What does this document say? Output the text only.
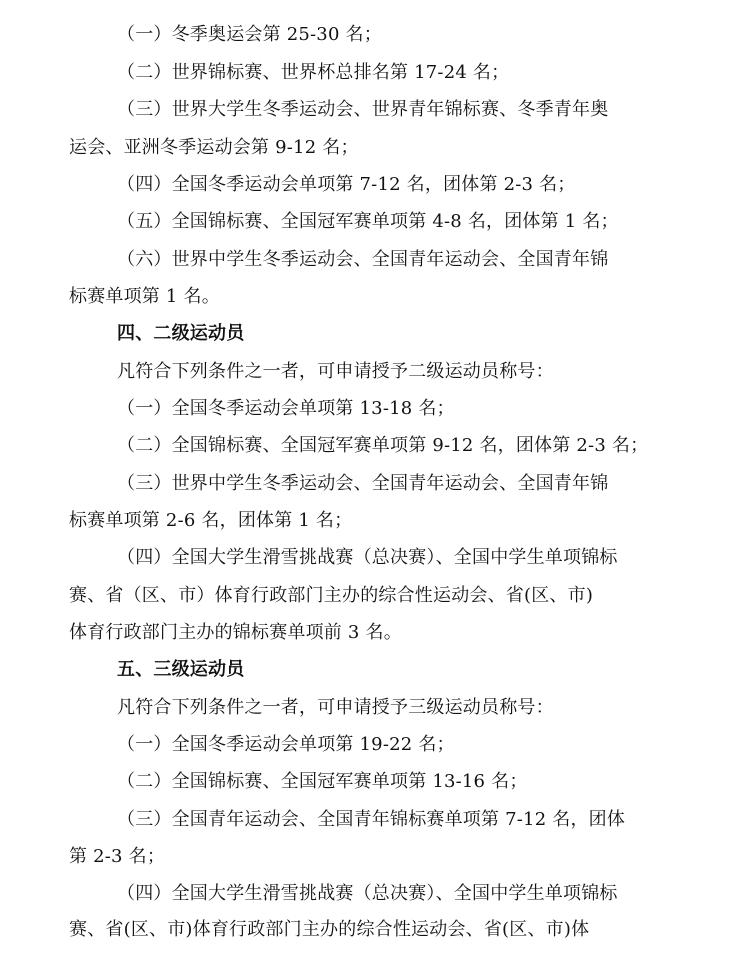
（一）冬季奥运会第 25-30 名；
（二）世界锦标赛、世界杯总排名第 17-24 名；
（三）世界大学生冬季运动会、世界青年锦标赛、冬季青年奥
运会、亚洲冬季运动会第 9-12 名；
（四）全国冬季运动会单项第 7-12 名，团体第 2-3 名；
（五）全国锦标赛、全国冠军赛单项第 4-8 名，团体第 1 名；
（六）世界中学生冬季运动会、全国青年运动会、全国青年锦
标赛单项第 1 名。
四、二级运动员
凡符合下列条件之一者，可申请授予二级运动员称号：
（一）全国冬季运动会单项第 13-18 名；
（二）全国锦标赛、全国冠军赛单项第 9-12 名，团体第 2-3 名；
（三）世界中学生冬季运动会、全国青年运动会、全国青年锦
标赛单项第 2-6 名，团体第 1 名；
（四）全国大学生滑雪挑战赛（总决赛）、全国中学生单项锦标
赛、省（区、市）体育行政部门主办的综合性运动会、省(区、市)
体育行政部门主办的锦标赛单项前 3 名。
五、三级运动员
凡符合下列条件之一者，可申请授予三级运动员称号：
（一）全国冬季运动会单项第 19-22 名；
（二）全国锦标赛、全国冠军赛单项第 13-16 名；
（三）全国青年运动会、全国青年锦标赛单项第 7-12 名，团体
第 2-3 名；
（四）全国大学生滑雪挑战赛（总决赛）、全国中学生单项锦标
赛、省(区、市)体育行政部门主办的综合性运动会、省(区、市)体
